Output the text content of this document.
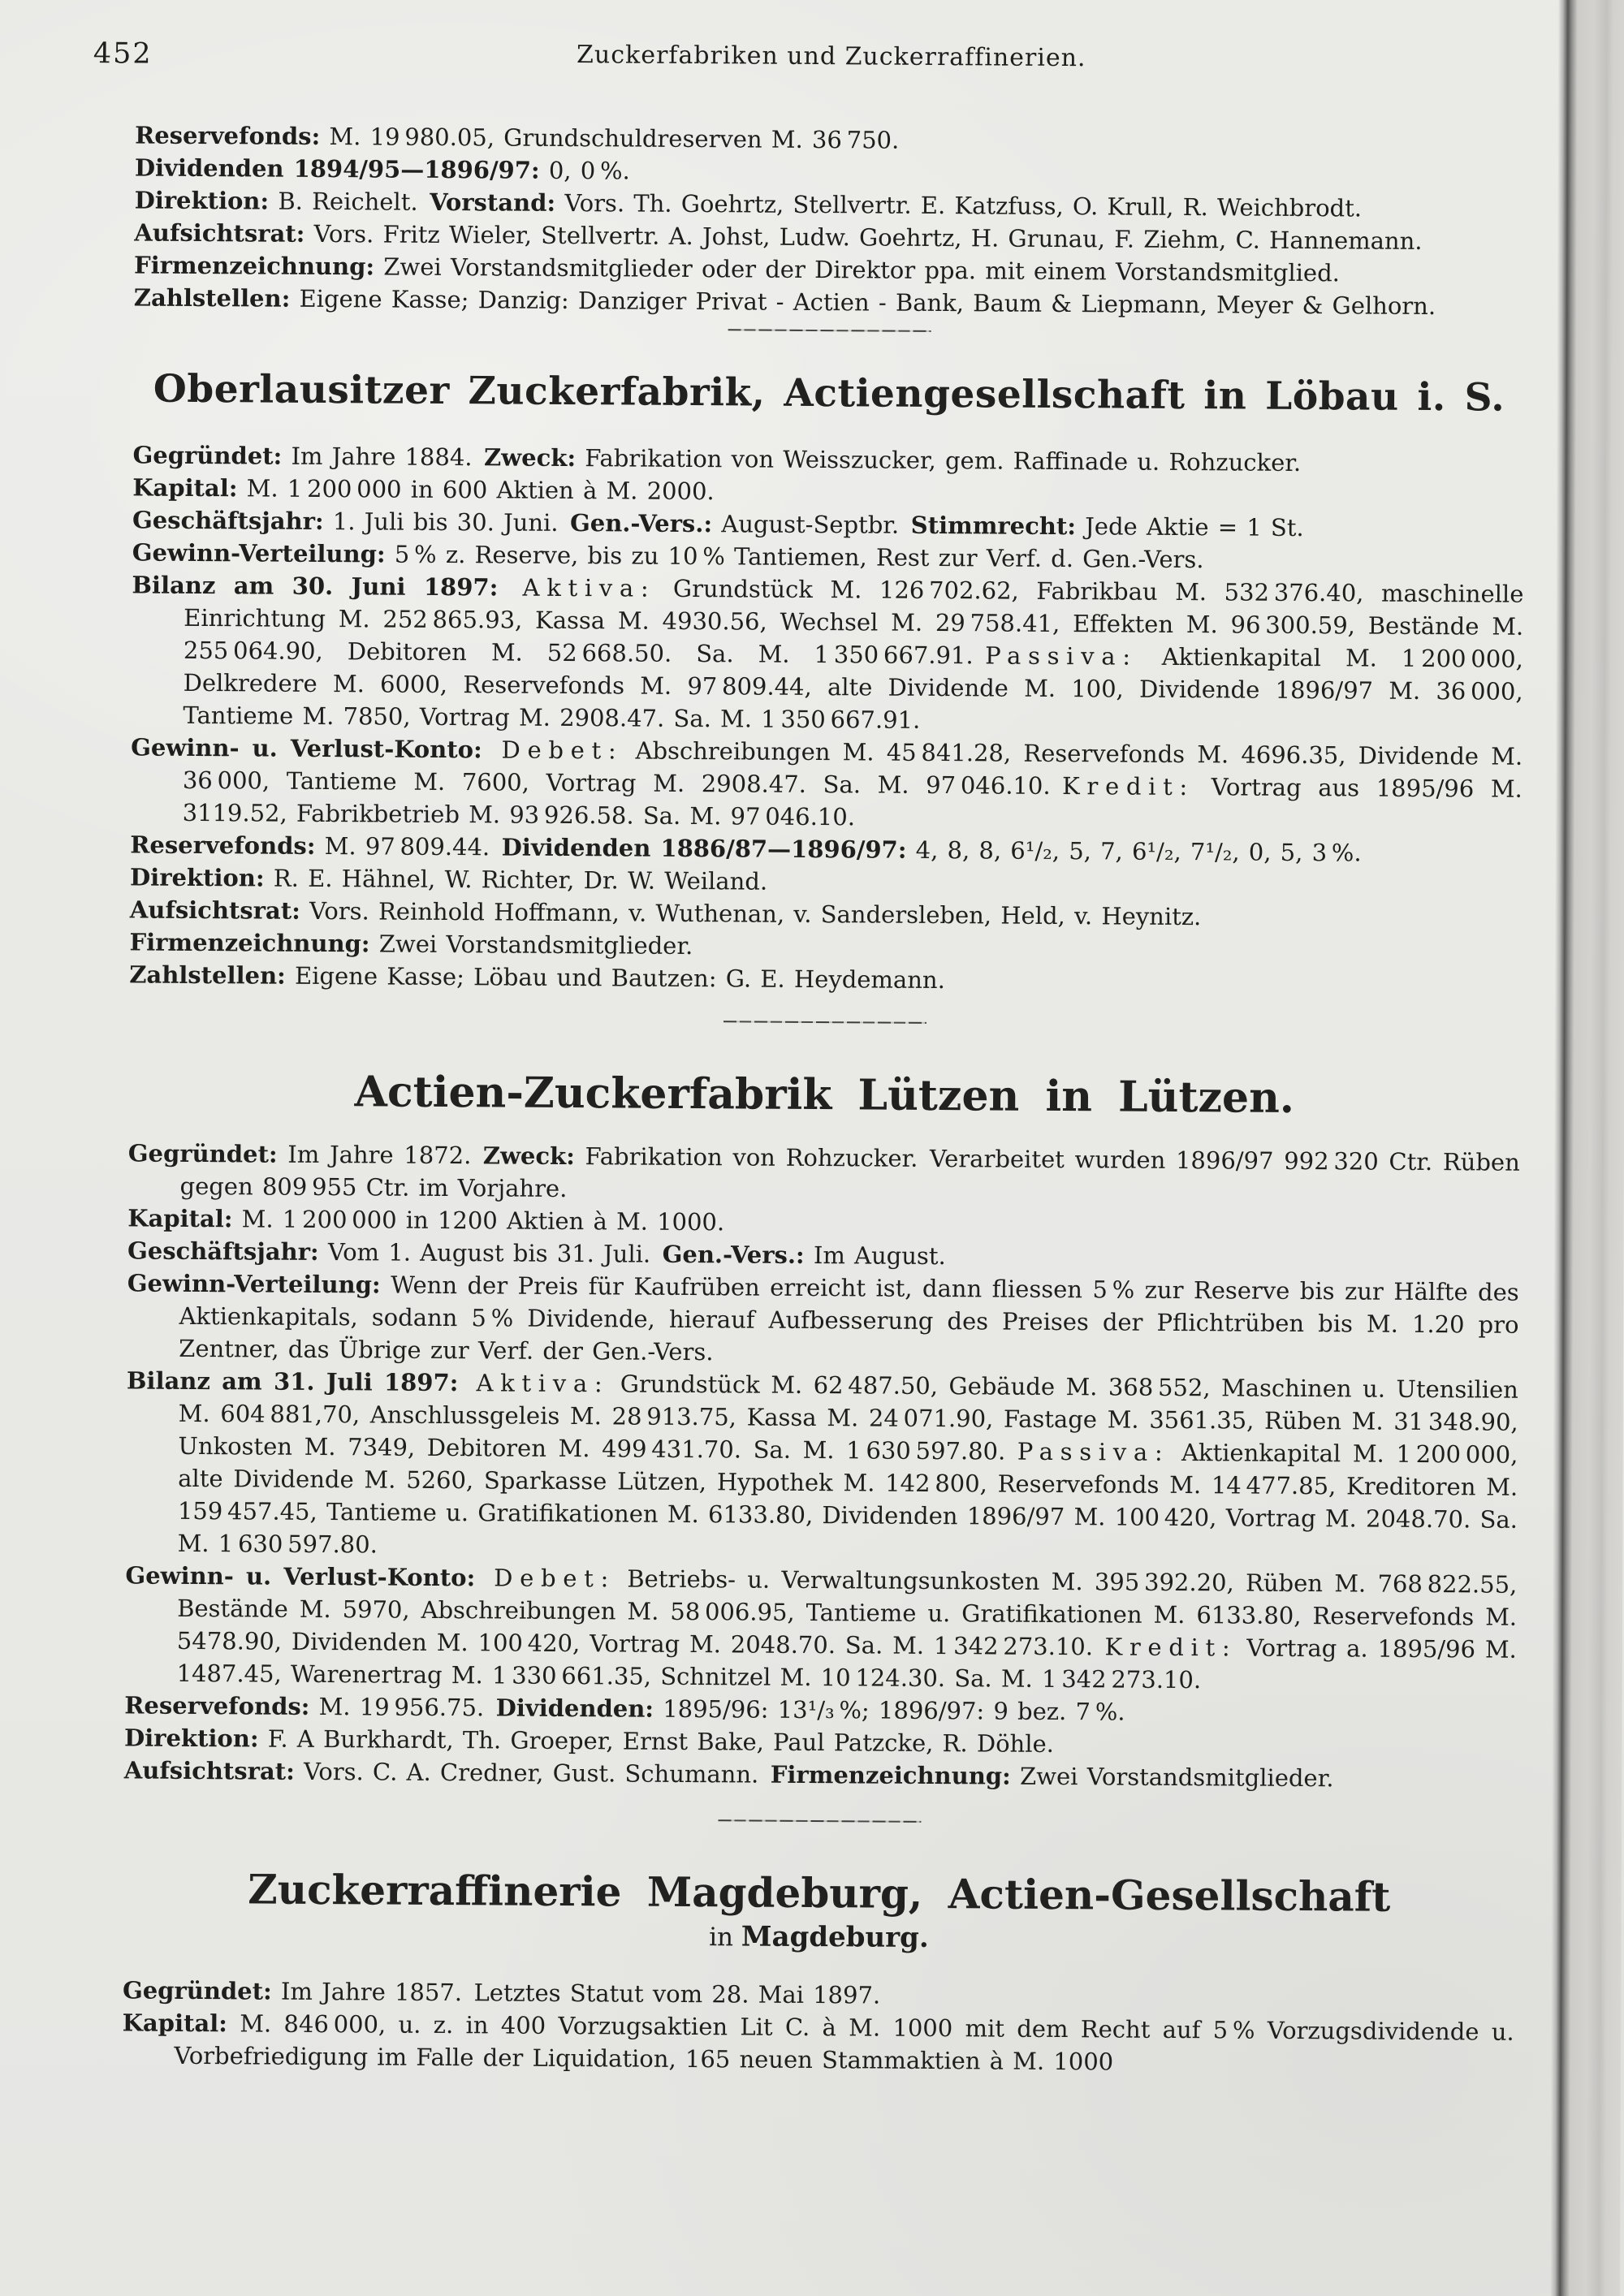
452	Zuckerfabriken und Zuckerraffinerien.

Reservefonds: M. 19 980.05, Grundschuldreserven M. 36 750.

Dividenden 1894/95—1896/97: 0, 0 %.

Direktion: B. Reichelt. Vorstand: Vors. Th. Goehrtz, Stellvertr. E. Katzfuss, O. Krull, R. Weichbrodt.

Aufsichtsrat: Vors. Fritz Wieler, Stellvertr. A. Johst, Ludw. Goehrtz, H. Grunau, F. Ziehm, C. Hannemann.

Firmenzeichnung: Zwei Vorstandsmitglieder oder der Direktor ppa. mit einem Vorstandsmitglied.

Zahlstellen: Eigene Kasse; Danzig: Danziger Privat - Actien - Bank, Baum & Liepmann, Meyer & Gelhorn.

Oberlausitzer Zuckerfabrik, Actiengesellschaft in Löbau i. S.

Gegründet: Im Jahre 1884. Zweck: Fabrikation von Weisszucker, gem. Raffinade u. Rohzucker.

Kapital: M. 1 200 000 in 600 Aktien à M. 2000.

Geschäftsjahr: 1. Juli bis 30. Juni. Gen.-Vers.: August-Septbr. Stimmrecht: Jede Aktie = 1 St.

Gewinn-Verteilung: 5 % z. Reserve, bis zu 10 % Tantiemen, Rest zur Verf. d. Gen.-Vers.

Bilanz am 30. Juni 1897: Aktiva: Grundstück M. 126 702.62, Fabrikbau M. 532 376.40, maschinelle Einrichtung M. 252 865.93, Kassa M. 4930.56, Wechsel M. 29 758.41, Effekten M. 96 300.59, Bestände M. 255 064.90, Debitoren M. 52 668.50. Sa. M. 1 350 667.91. Passiva: Aktienkapital M. 1 200 000, Delkredere M. 6000, Reservefonds M. 97 809.44, alte Dividende M. 100, Dividende 1896/97 M. 36 000, Tantieme M. 7850, Vortrag M. 2908.47. Sa. M. 1 350 667.91.

Gewinn- u. Verlust-Konto: Debet: Abschreibungen M. 45 841.28, Reservefonds M. 4696.35, Dividende M. 36 000, Tantieme M. 7600, Vortrag M. 2908.47. Sa. M. 97 046.10. Kredit: Vortrag aus 1895/96 M. 3119.52, Fabrikbetrieb M. 93 926.58. Sa. M. 97 046.10.

Reservefonds: M. 97 809.44. Dividenden 1886/87—1896/97: 4, 8, 8, 6¹/₂, 5, 7, 6¹/₂, 7¹/₂, 0, 5, 3 %.

Direktion: R. E. Hähnel, W. Richter, Dr. W. Weiland.

Aufsichtsrat: Vors. Reinhold Hoffmann, v. Wuthenan, v. Sandersleben, Held, v. Heynitz.

Firmenzeichnung: Zwei Vorstandsmitglieder.

Zahlstellen: Eigene Kasse; Löbau und Bautzen: G. E. Heydemann.

Actien-Zuckerfabrik Lützen in Lützen.

Gegründet: Im Jahre 1872. Zweck: Fabrikation von Rohzucker. Verarbeitet wurden 1896/97 992 320 Ctr. Rüben gegen 809 955 Ctr. im Vorjahre.

Kapital: M. 1 200 000 in 1200 Aktien à M. 1000.

Geschäftsjahr: Vom 1. August bis 31. Juli. Gen.-Vers.: Im August.

Gewinn-Verteilung: Wenn der Preis für Kaufrüben erreicht ist, dann fliessen 5 % zur Reserve bis zur Hälfte des Aktienkapitals, sodann 5 % Dividende, hierauf Aufbesserung des Preises der Pflichtrüben bis M. 1.20 pro Zentner, das Übrige zur Verf. der Gen.-Vers.

Bilanz am 31. Juli 1897: Aktiva: Grundstück M. 62 487.50, Gebäude M. 368 552, Maschinen u. Utensilien M. 604 881,70, Anschlussgeleis M. 28 913.75, Kassa M. 24 071.90, Fastage M. 3561.35, Rüben M. 31 348.90, Unkosten M. 7349, Debitoren M. 499 431.70. Sa. M. 1 630 597.80. Passiva: Aktienkapital M. 1 200 000, alte Dividende M. 5260, Sparkasse Lützen, Hypothek M. 142 800, Reservefonds M. 14 477.85, Kreditoren M. 159 457.45, Tantieme u. Gratifikationen M. 6133.80, Dividenden 1896/97 M. 100 420, Vortrag M. 2048.70. Sa. M. 1 630 597.80.

Gewinn- u. Verlust-Konto: Debet: Betriebs- u. Verwaltungsunkosten M. 395 392.20, Rüben M. 768 822.55, Bestände M. 5970, Abschreibungen M. 58 006.95, Tantieme u. Gratifikationen M. 6133.80, Reservefonds M. 5478.90, Dividenden M. 100 420, Vortrag M. 2048.70. Sa. M. 1 342 273.10. Kredit: Vortrag a. 1895/96 M. 1487.45, Warenertrag M. 1 330 661.35, Schnitzel M. 10 124.30. Sa. M. 1 342 273.10.

Reservefonds: M. 19 956.75. Dividenden: 1895/96: 13¹/₃ %; 1896/97: 9 bez. 7 %.

Direktion: F. A Burkhardt, Th. Groeper, Ernst Bake, Paul Patzcke, R. Döhle.

Aufsichtsrat: Vors. C. A. Credner, Gust. Schumann. Firmenzeichnung: Zwei Vorstandsmitglieder.

Zuckerraffinerie Magdeburg, Actien-Gesellschaft
in Magdeburg.

Gegründet: Im Jahre 1857. Letztes Statut vom 28. Mai 1897.

Kapital: M. 846 000, u. z. in 400 Vorzugsaktien Lit C. à M. 1000 mit dem Recht auf 5 % Vorzugsdividende u. Vorbefriedigung im Falle der Liquidation, 165 neuen Stammaktien à M. 1000
